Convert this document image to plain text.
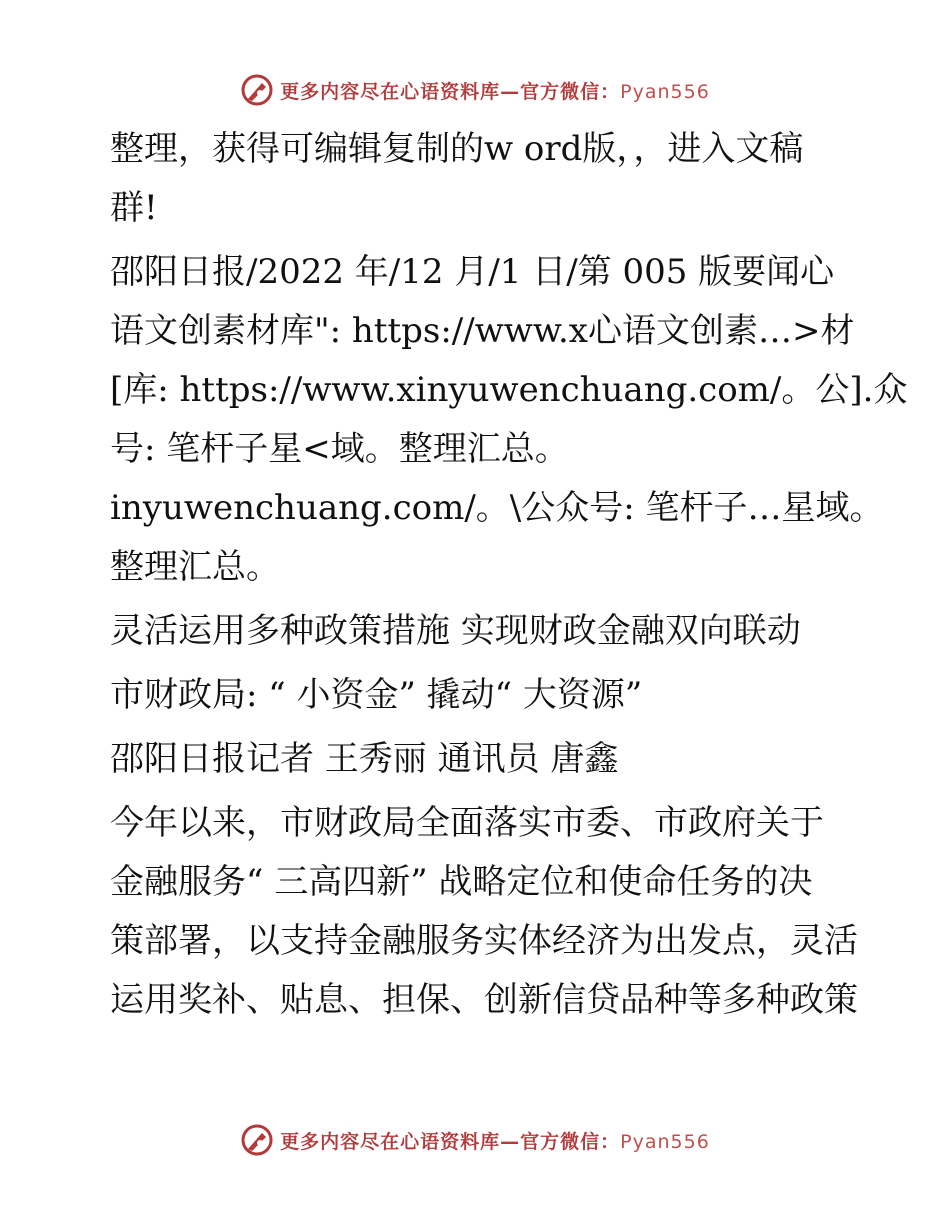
更多内容尽在心语资料库—官方微信：Pyan556

整理，获得可编辑复制的w ord版，，进入文稿
群!

邵阳日报/2022 年/12 月/1 日/第 005 版要闻心
语文创素材库": https://www.x心语文创素…>材
[库: https://www.xinyuwenchuang.com/。公].众
号: 笔杆子星<域。整理汇总。
inyuwenchuang.com/。\公众号: 笔杆子…星域。
整理汇总。

灵活运用多种政策措施 实现财政金融双向联动

市财政局: “ 小资金” 撬动“ 大资源”

邵阳日报记者 王秀丽 通讯员 唐鑫

今年以来，市财政局全面落实市委、市政府关于
金融服务“ 三高四新” 战略定位和使命任务的决
策部署，以支持金融服务实体经济为出发点，灵活
运用奖补、贴息、担保、创新信贷品种等多种政策

更多内容尽在心语资料库—官方微信：Pyan556
